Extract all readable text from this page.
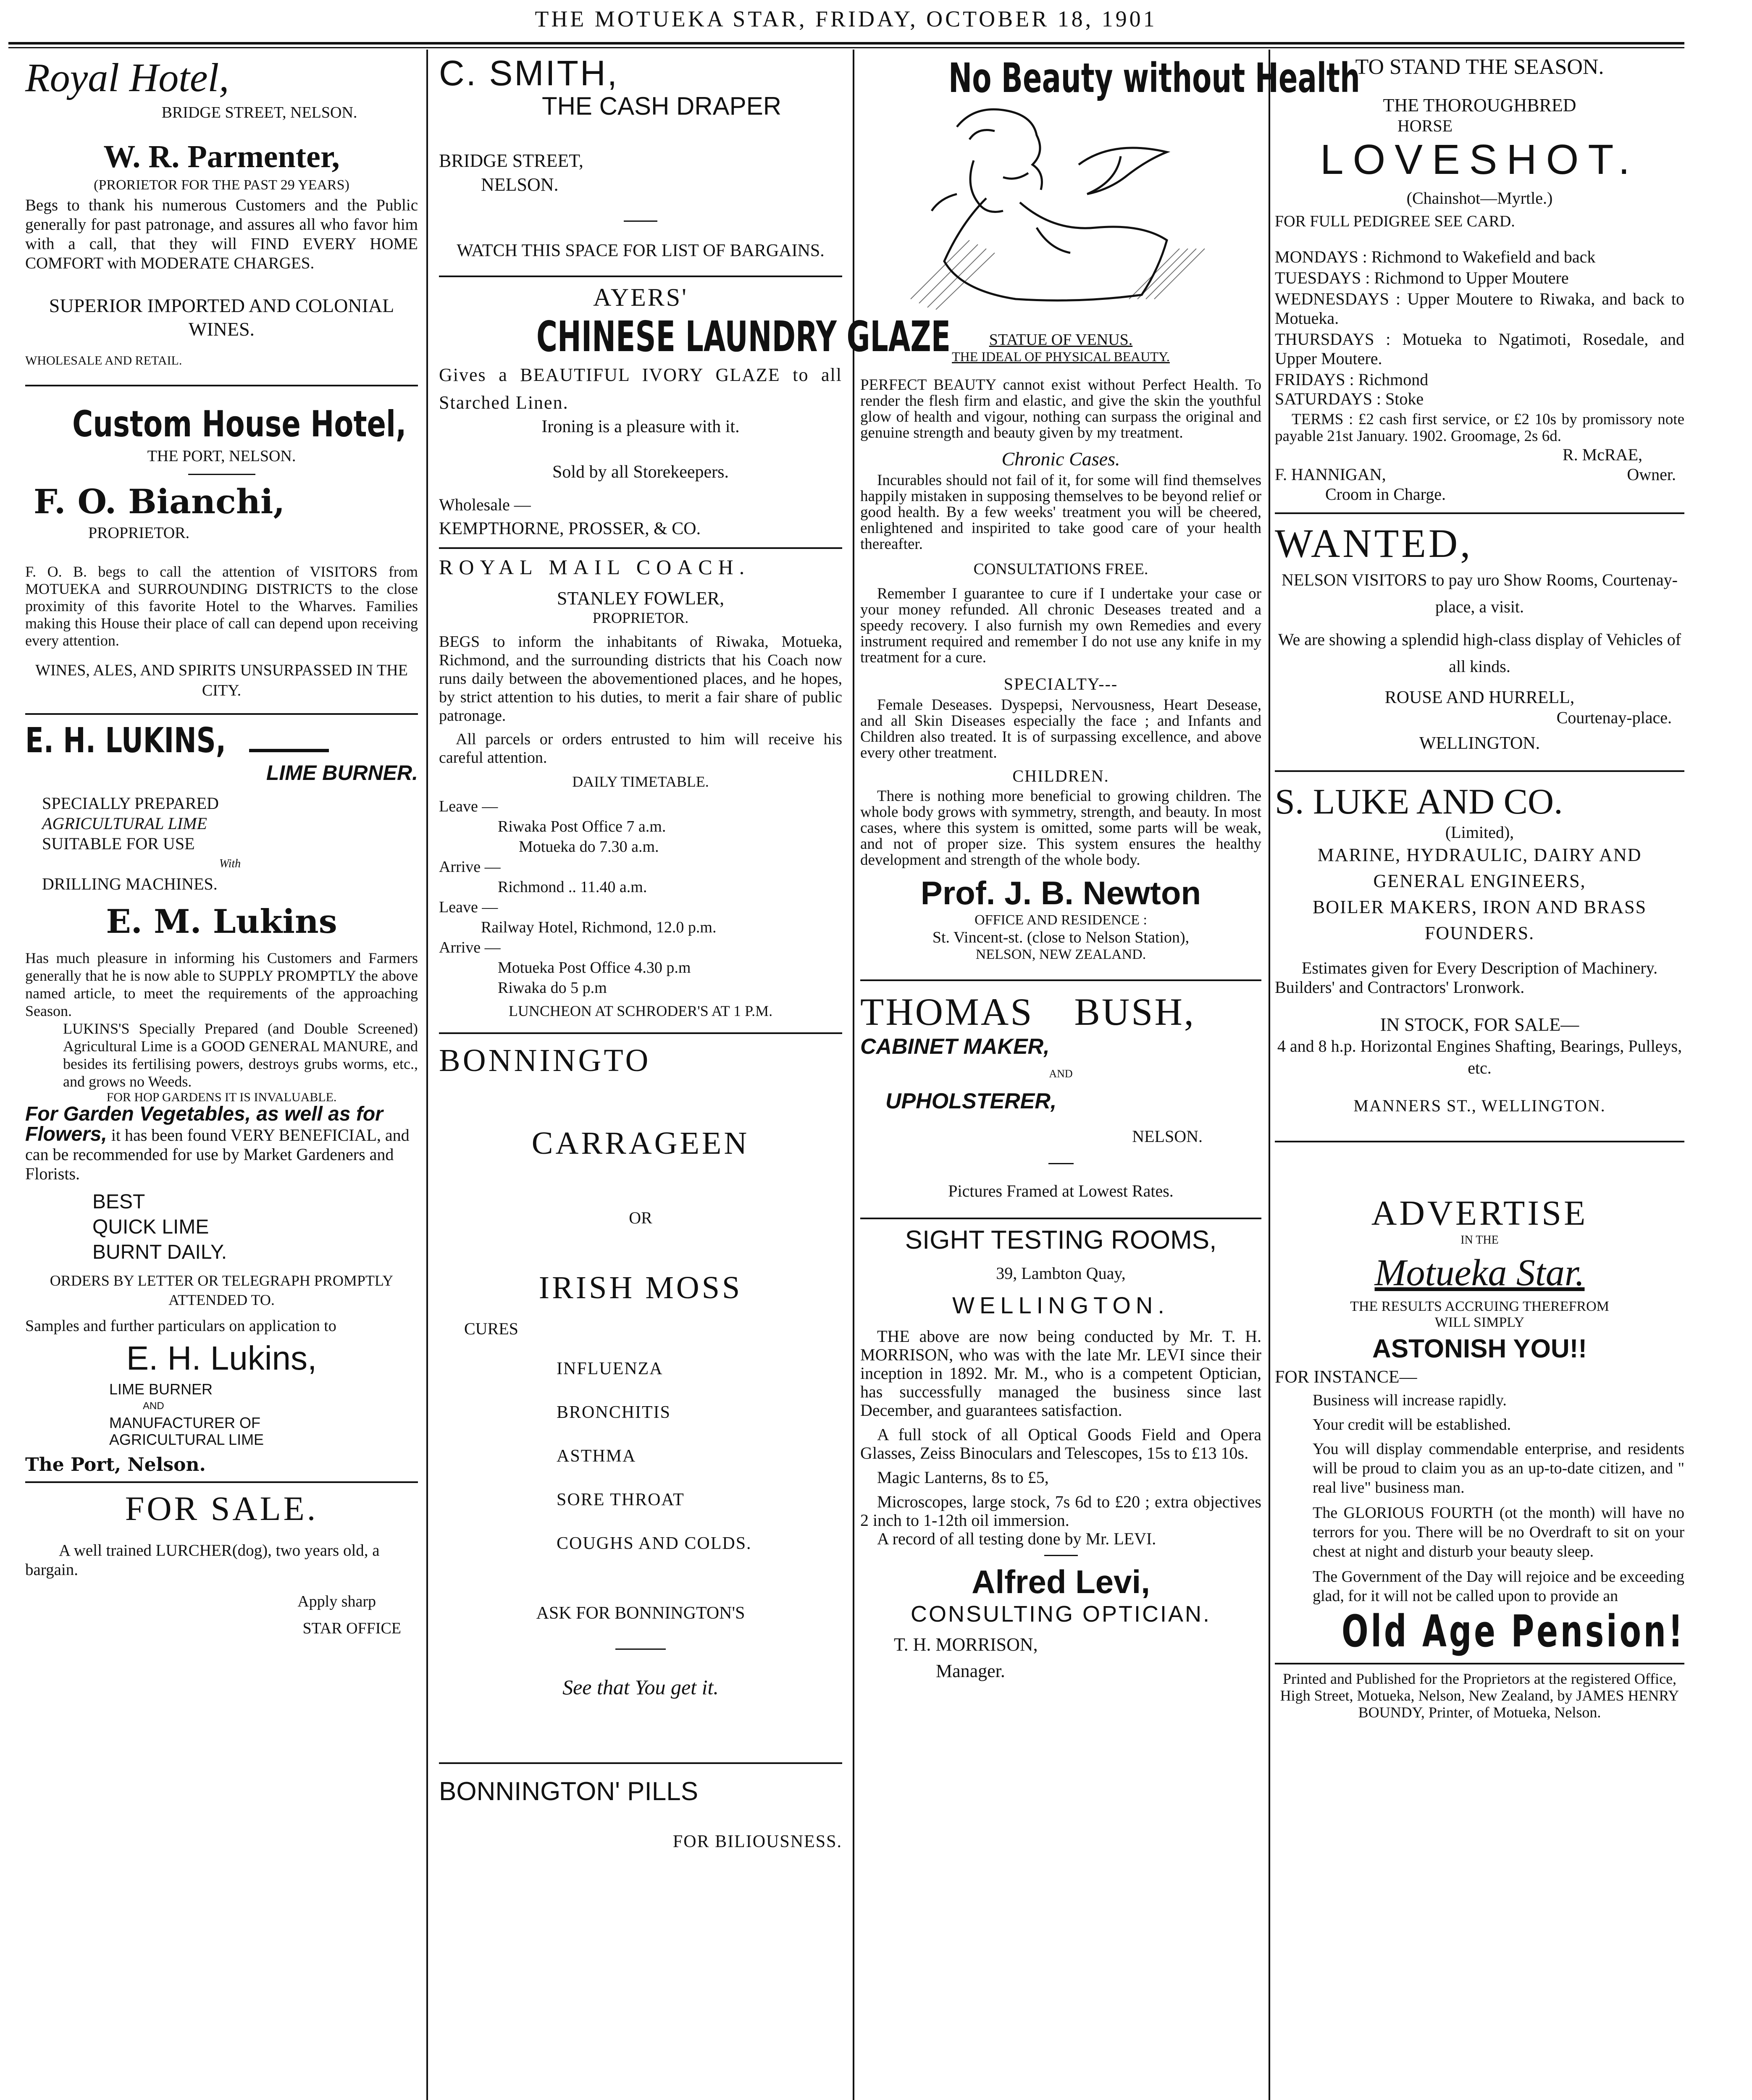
THE MOTUEKA STAR, FRIDAY, OCTOBER 18, 1901
Royal Hotel,
BRIDGE STREET, NELSON.
W. R. Parmenter,
(PRORIETOR FOR THE PAST 29 YEARS)

Begs to thank his numerous Customers and the Public generally for past patronage, and assures all who favor him with a call, that they will FIND EVERY HOME COMFORT with MODERATE CHARGES.

SUPERIOR IMPORTED AND COLONIAL WINES.
WHOLESALE AND RETAIL.
Custom House Hotel,
THE PORT, NELSON.
F. O. Bianchi,
PROPRIETOR.

F. O. B. begs to call the attention of VISITORS from MOTUEKA and SURROUNDING DISTRICTS to the close proximity of this favorite Hotel to the Wharves. Families making this House their place of call can depend upon receiving every attention.

WINES, ALES, AND SPIRITS UNSURPASSED IN THE CITY.
E. H. LUKINS,
LIME BURNER.
SPECIALLY PREPARED
AGRICULTURAL LIME
SUITABLE FOR USE
With
DRILLING MACHINES.
E. M. Lukins

Has much pleasure in informing his Customers and Farmers generally that he is now able to SUPPLY PROMPTLY the above named article, to meet the requirements of the approaching Season.

LUKINS'S Specially Prepared (and Double Screened) Agricultural Lime is a GOOD GENERAL MANURE, and besides its fertilising powers, destroys grubs worms, etc., and grows no Weeds.

FOR HOP GARDENS IT IS INVALUABLE.

For Garden Vegetables, as well as for Flowers, it has been found VERY BENEFICIAL, and can be recommended for use by Market Gardeners and Florists.

BEST
QUICK LIME
BURNT DAILY.
ORDERS BY LETTER OR TELEGRAPH PROMPTLY ATTENDED TO.

Samples and further particulars on application to

E. H. Lukins,
LIME BURNER
AND
MANUFACTURER OF
AGRICULTURAL LIME
The Port, Nelson.
FOR SALE.

A well trained LURCHER(dog), two years old, a bargain.

Apply sharp
STAR OFFICE
C. SMITH,
THE CASH DRAPER
BRIDGE STREET,
NELSON.
WATCH THIS SPACE FOR LIST OF BARGAINS.
AYERS'
CHINESE LAUNDRY GLAZE

Gives a BEAUTIFUL IVORY GLAZE to all Starched Linen.

Ironing is a pleasure with it.
Sold by all Storekeepers.
Wholesale —
KEMPTHORNE, PROSSER, & CO.
ROYAL MAIL COACH.
STANLEY FOWLER,
PROPRIETOR.

BEGS to inform the inhabitants of Riwaka, Motueka, Richmond, and the surrounding districts that his Coach now runs daily between the abovementioned places, and he hopes, by strict attention to his duties, to merit a fair share of public patronage.

All parcels or orders entrusted to him will receive his careful attention.

DAILY TIMETABLE.
Leave —
Riwaka Post Office 7 a.m.
Motueka do 7.30 a.m.
Arrive —
Richmond .. 11.40 a.m.
Leave —
Railway Hotel, Richmond, 12.0 p.m.
Arrive —
Motueka Post Office 4.30 p.m
Riwaka do 5 p.m
LUNCHEON AT SCHRODER'S AT 1 P.M.
BONNINGTO
CARRAGEEN
OR
IRISH MOSS
CURES
INFLUENZA
BRONCHITIS
ASTHMA
SORE THROAT
COUGHS AND COLDS.
ASK FOR BONNINGTON'S
See that You get it.
BONNINGTON' PILLS
FOR BILIOUSNESS.
No Beauty without Health
STATUE OF VENUS.
THE IDEAL OF PHYSICAL BEAUTY.

PERFECT BEAUTY cannot exist without Perfect Health. To render the flesh firm and elastic, and give the skin the youthful glow of health and vigour, nothing can surpass the original and genuine strength and beauty given by my treatment.

Chronic Cases.

Incurables should not fail of it, for some will find themselves happily mistaken in supposing themselves to be beyond relief or good health. By a few weeks' treatment you will be cheered, enlightened and inspirited to take good care of your health thereafter.

CONSULTATIONS FREE.

Remember I guarantee to cure if I undertake your case or your money refunded. All chronic Deseases treated and a speedy recovery. I also furnish my own Remedies and every instrument required and remember I do not use any knife in my treatment for a cure.

SPECIALTY---

Female Deseases. Dyspepsi, Nervousness, Heart Desease, and all Skin Diseases especially the face ; and Infants and Children also treated. It is of surpassing excellence, and above every other treatment.

CHILDREN.

There is nothing more beneficial to growing children. The whole body grows with symmetry, strength, and beauty. In most cases, where this system is omitted, some parts will be weak, and not of proper size. This system ensures the healthy development and strength of the whole body.

Prof. J. B. Newton
OFFICE AND RESIDENCE :
St. Vincent-st. (close to Nelson Station),
NELSON, NEW ZEALAND.
THOMAS BUSH,
CABINET MAKER,
AND
UPHOLSTERER,
NELSON.
Pictures Framed at Lowest Rates.
SIGHT TESTING ROOMS,
39, Lambton Quay,
WELLINGTON.

THE above are now being conducted by Mr. T. H. MORRISON, who was with the late Mr. LEVI since their inception in 1892. Mr. M., who is a competent Optician, has successfully managed the business since last December, and guarantees satisfaction.

A full stock of all Optical Goods Field and Opera Glasses, Zeiss Binoculars and Telescopes, 15s to £13 10s.

Magic Lanterns, 8s to £5,

Microscopes, large stock, 7s 6d to £20 ; extra objectives 2 inch to 1-12th oil immersion.

A record of all testing done by Mr. LEVI.

Alfred Levi,
CONSULTING OPTICIAN.
T. H. MORRISON,
Manager.
TO STAND THE SEASON.
THE THOROUGHBRED
HORSE
LOVESHOT.
(Chainshot—Myrtle.)
FOR FULL PEDIGREE SEE CARD.
MONDAYS : Richmond to Wakefield and back
TUESDAYS : Richmond to Upper Moutere
WEDNESDAYS : Upper Moutere to Riwaka, and back to Motueka.
THURSDAYS : Motueka to Ngatimoti, Rosedale, and Upper Moutere.
FRIDAYS : Richmond
SATURDAYS : Stoke

TERMS : £2 cash first service, or £2 10s by promissory note payable 21st January. 1902. Groomage, 2s 6d.

R. McRAE,
F. HANNIGAN,	Owner.
Croom in Charge.
WANTED,

NELSON VISITORS to pay uro Show Rooms, Courtenay-place, a visit.

We are showing a splendid high-class display of Vehicles of all kinds.

ROUSE AND HURRELL,
Courtenay-place.
WELLINGTON.
S. LUKE AND CO.
(Limited),

MARINE, HYDRAULIC, DAIRY AND GENERAL ENGINEERS,

BOILER MAKERS, IRON AND BRASS FOUNDERS.

Estimates given for Every Description of Machinery.

Builders' and Contractors' Lronwork.
IN STOCK, FOR SALE—

4 and 8 h.p. Horizontal Engines Shafting, Bearings, Pulleys, etc.

MANNERS ST., WELLINGTON.
ADVERTISE
IN THE
Motueka Star.
THE RESULTS ACCRUING THEREFROM
WILL SIMPLY
ASTONISH YOU!!
FOR INSTANCE—
Business will increase rapidly.
Your credit will be established.

You will display commendable enterprise, and residents will be proud to claim you as an up-to-date citizen, and " real live" business man.

The GLORIOUS FOURTH (ot the month) will have no terrors for you. There will be no Overdraft to sit on your chest at night and disturb your beauty sleep.

The Government of the Day will rejoice and be exceeding glad, for it will not be called upon to provide an

Old Age Pension!

Printed and Published for the Proprietors at the registered Office, High Street, Motueka, Nelson, New Zealand, by JAMES HENRY BOUNDY, Printer, of Motueka, Nelson.
